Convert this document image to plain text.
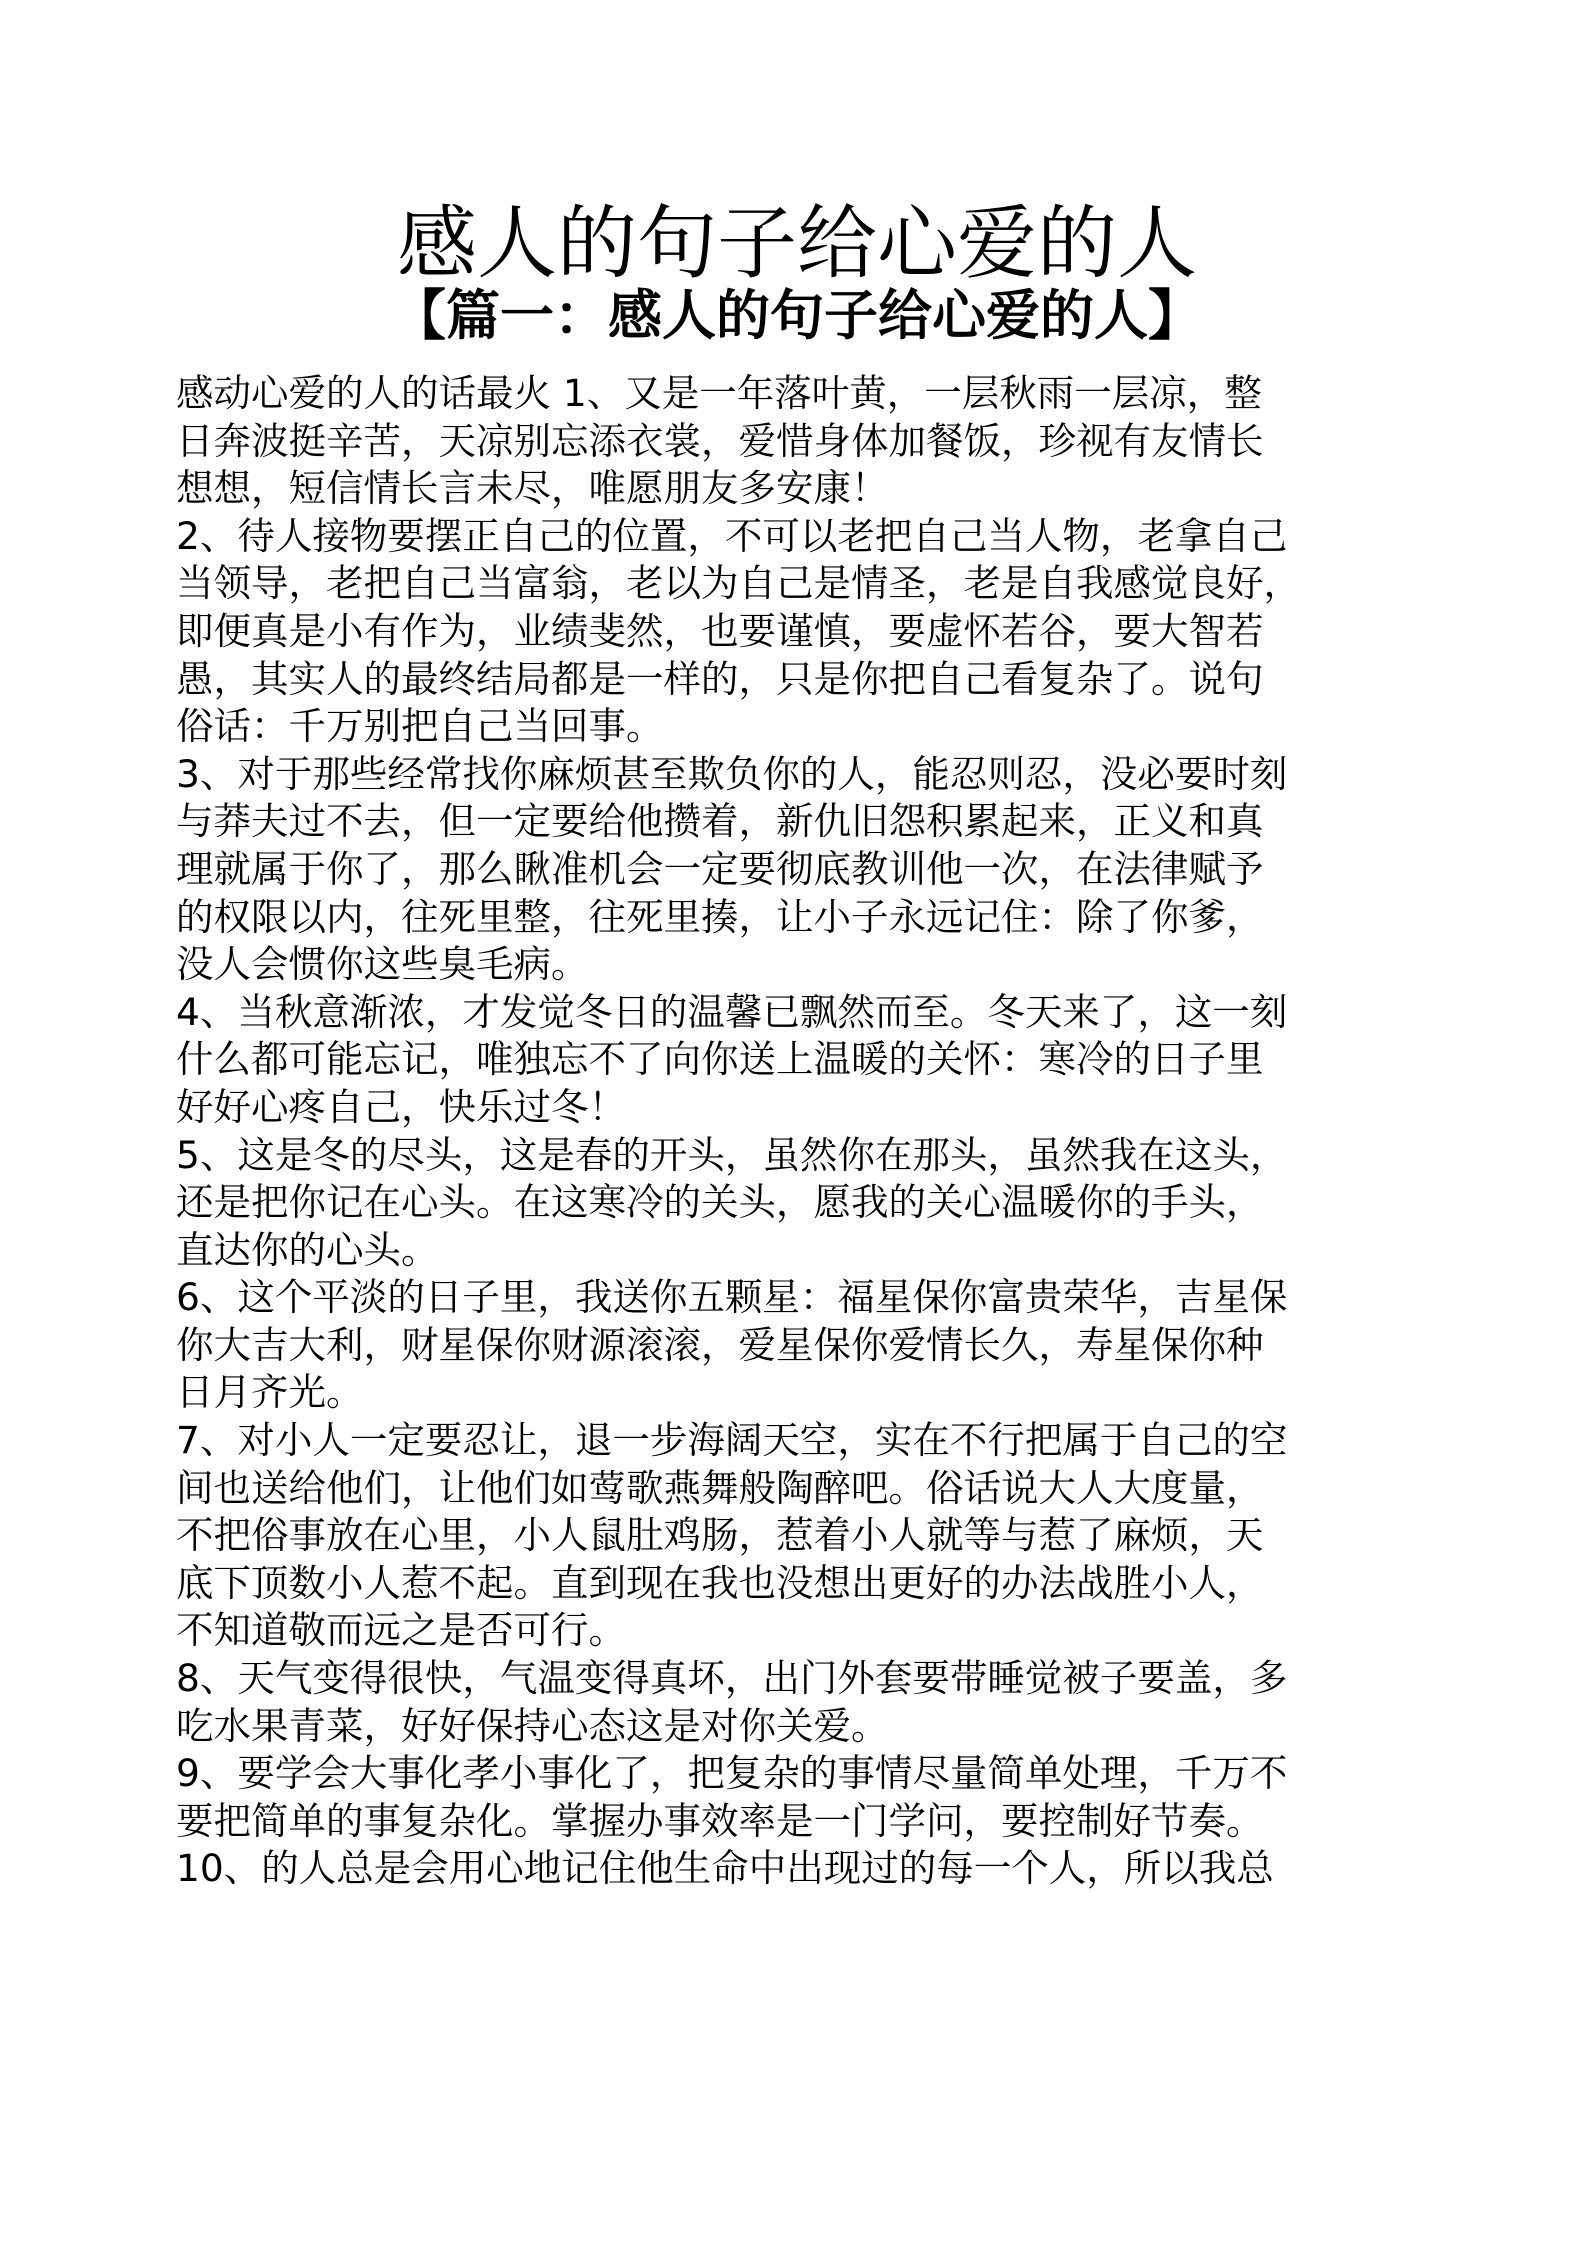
感人的句子给心爱的人
【篇一：感人的句子给心爱的人】
感动心爱的人的话最火 1、又是一年落叶黄，一层秋雨一层凉，整
日奔波挺辛苦，天凉别忘添衣裳，爱惜身体加餐饭，珍视有友情长
想想，短信情长言未尽，唯愿朋友多安康！
2、待人接物要摆正自己的位置，不可以老把自己当人物，老拿自己
当领导，老把自己当富翁，老以为自己是情圣，老是自我感觉良好，
即便真是小有作为，业绩斐然，也要谨慎，要虚怀若谷，要大智若
愚，其实人的最终结局都是一样的，只是你把自己看复杂了。说句
俗话：千万别把自己当回事。
3、对于那些经常找你麻烦甚至欺负你的人，能忍则忍，没必要时刻
与莽夫过不去，但一定要给他攒着，新仇旧怨积累起来，正义和真
理就属于你了，那么瞅准机会一定要彻底教训他一次，在法律赋予
的权限以内，往死里整，往死里揍，让小子永远记住：除了你爹，
没人会惯你这些臭毛病。
4、当秋意渐浓，才发觉冬日的温馨已飘然而至。冬天来了，这一刻
什么都可能忘记，唯独忘不了向你送上温暖的关怀：寒冷的日子里
好好心疼自己，快乐过冬！
5、这是冬的尽头，这是春的开头，虽然你在那头，虽然我在这头，
还是把你记在心头。在这寒冷的关头，愿我的关心温暖你的手头，
直达你的心头。
6、这个平淡的日子里，我送你五颗星：福星保你富贵荣华，吉星保
你大吉大利，财星保你财源滚滚，爱星保你爱情长久，寿星保你种
日月齐光。
7、对小人一定要忍让，退一步海阔天空，实在不行把属于自己的空
间也送给他们，让他们如莺歌燕舞般陶醉吧。俗话说大人大度量，
不把俗事放在心里，小人鼠肚鸡肠，惹着小人就等与惹了麻烦，天
底下顶数小人惹不起。直到现在我也没想出更好的办法战胜小人，
不知道敬而远之是否可行。
8、天气变得很快，气温变得真坏，出门外套要带睡觉被子要盖，多
吃水果青菜，好好保持心态这是对你关爱。
9、要学会大事化孝小事化了，把复杂的事情尽量简单处理，千万不
要把简单的事复杂化。掌握办事效率是一门学问，要控制好节奏。
10、的人总是会用心地记住他生命中出现过的每一个人，所以我总
